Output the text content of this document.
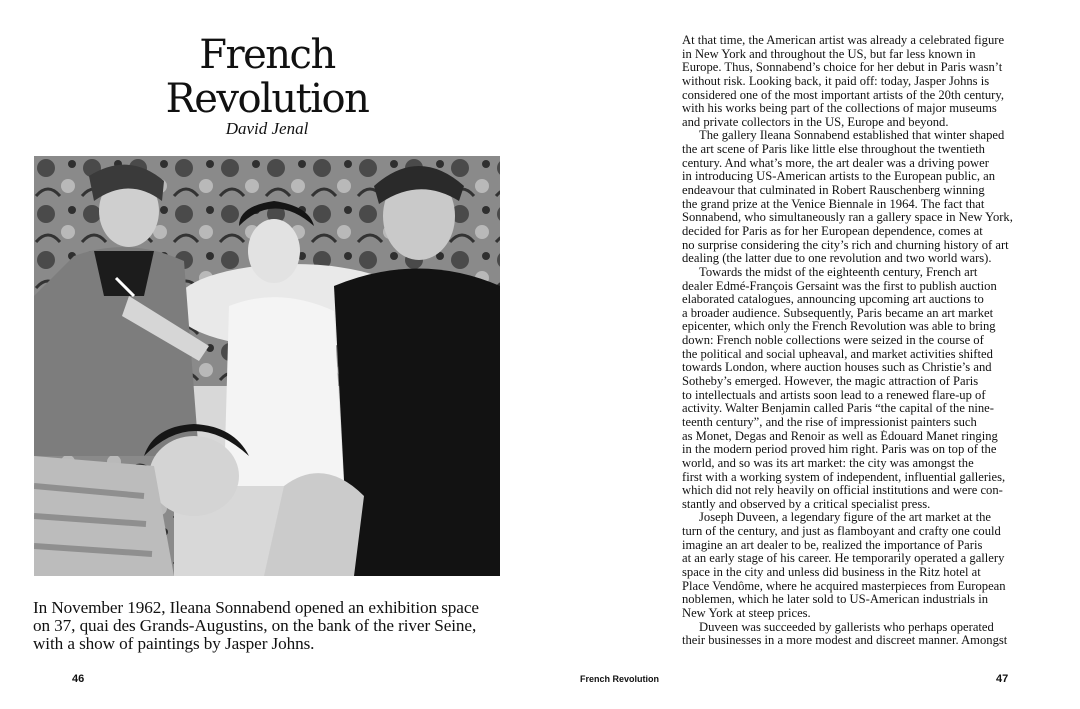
French
Revolution
David Jenal
In November 1962, Ileana Sonnabend opened an exhibition space
on 37, quai des Grands-Augustins, on the bank of the river Seine,
with a show of paintings by Jasper Johns.
46	French Revolution
At that time, the American artist was already a celebrated figure
in New York and throughout the US, but far less known in
Europe. Thus, Sonnabend’s choice for her debut in Paris wasn’t
without risk. Looking back, it paid off: today, Jasper Johns is
considered one of the most important artists of the 20th century,
with his works being part of the collections of major museums
and private collectors in the US, Europe and beyond.
The gallery Ileana Sonnabend established that winter shaped
the art scene of Paris like little else throughout the twentieth
century. And what’s more, the art dealer was a driving power
in introducing US-American artists to the European public, an
endeavour that culminated in Robert Rauschenberg winning
the grand prize at the Venice Biennale in 1964. The fact that
Sonnabend, who simultaneously ran a gallery space in New York,
decided for Paris as for her European dependence, comes at
no surprise considering the city’s rich and churning history of art
dealing (the latter due to one revolution and two world wars).
Towards the midst of the eighteenth century, French art
dealer Edmé-François Gersaint was the first to publish auction
elaborated catalogues, announcing upcoming art auctions to
a broader audience. Subsequently, Paris became an art market
epicenter, which only the French Revolution was able to bring
down: French noble collections were seized in the course of
the political and social upheaval, and market activities shifted
towards London, where auction houses such as Christie’s and
Sotheby’s emerged. However, the magic attraction of Paris
to intellectuals and artists soon lead to a renewed flare-up of
activity. Walter Benjamin called Paris “the capital of the nine-
teenth century”, and the rise of impressionist painters such
as Monet, Degas and Renoir as well as Édouard Manet ringing
in the modern period proved him right. Paris was on top of the
world, and so was its art market: the city was amongst the
first with a working system of independent, influential galleries,
which did not rely heavily on official institutions and were con-
stantly and observed by a critical specialist press.
Joseph Duveen, a legendary figure of the art market at the
turn of the century, and just as flamboyant and crafty one could
imagine an art dealer to be, realized the importance of Paris
at an early stage of his career. He temporarily operated a gallery
space in the city and unless did business in the Ritz hotel at
Place Vendôme, where he acquired masterpieces from European
noblemen, which he later sold to US-American industrials in
New York at steep prices.
Duveen was succeeded by gallerists who perhaps operated
their businesses in a more modest and discreet manner. Amongst
47
